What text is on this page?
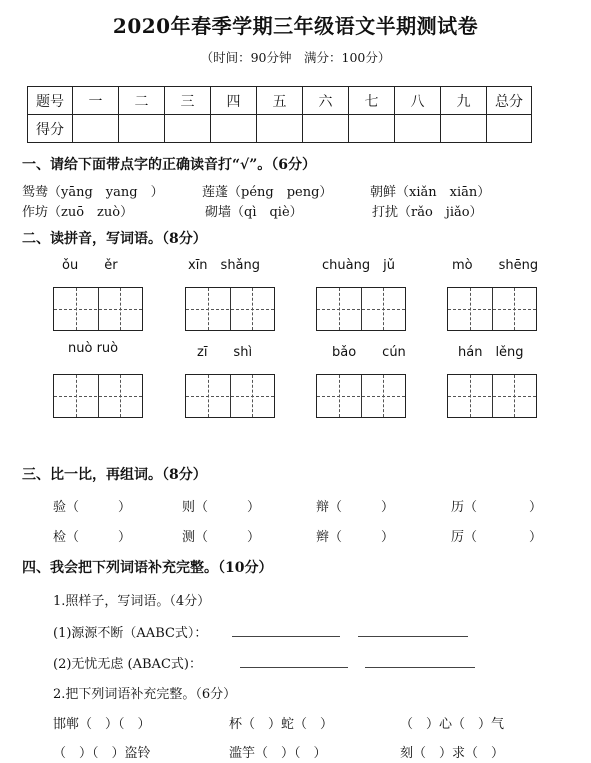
2020年春季学期三年级语文半期测试卷
（时间：90分钟　满分：100分）
题号	一	二	三	四	五	六	七	八	九	总分
得分										
一、请给下面带点字的正确读音打“√”。（6分）
鸳鸯（yāng　yang　）	莲蓬（péng　peng）	朝鲜（xiǎn　xiān）
作坊（zuō　zuò）	砌墙（qì　qiè）	打扰（rǎo　jiǎo）
二、读拼音，写词语。（8分）
ǒu　　ěr	xīn　shǎng	chuàng　jǔ	mò　　shēng
nuò ruò	zī　　shì	bǎo　　cún	hán　lěng
三、比一比，再组词。（8分）
验（　　　）	则（　　　）	辩（　　　）	历（　　　　）
检（　　　）	测（　　　）	辫（　　　）	厉（　　　　）
四、我会把下列词语补充完整。（10分）
1.照样子，写词语。（4分）
(1)源源不断（AABC式）：
(2)无忧无虑 (ABAC式)：
2.把下列词语补充完整。（6分）
邯郸（　）（　）	杯（　）蛇（　）	（　）心（　）气
（　）（　）盗铃	滥竽（　）（　）	刻（　）求（　）
